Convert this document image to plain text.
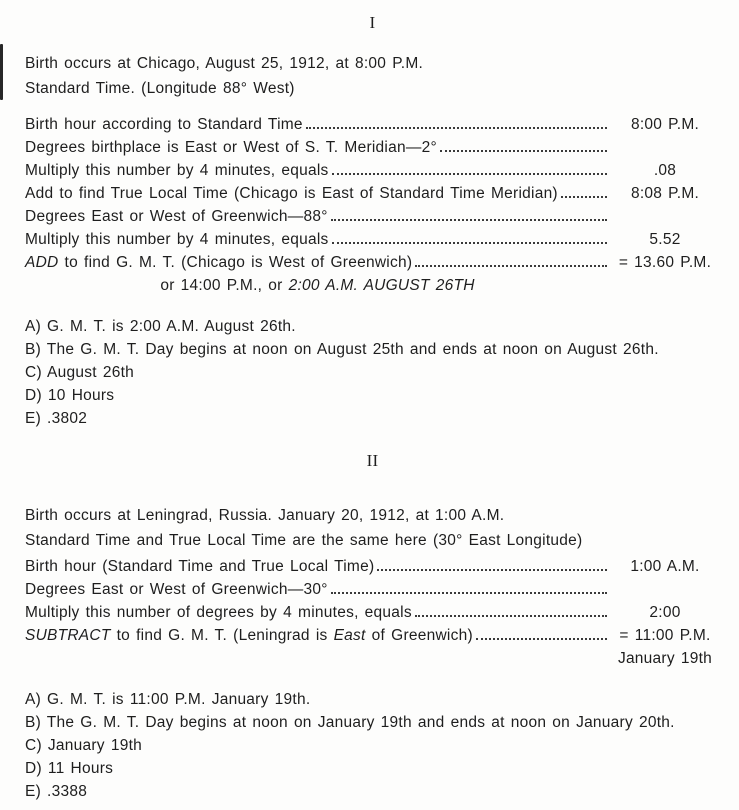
I

Birth occurs at Chicago, August 25, 1912, at 8:00 P.M.

Standard Time. (Longitude 88° West)

Birth hour according to Standard Time	8:00 P.M.
Degrees birthplace is East or West of S. T. Meridian—2°
Multiply this number by 4 minutes, equals	.08
Add to find True Local Time (Chicago is East of Standard Time Meridian)	8:08 P.M.
Degrees East or West of Greenwich—88°
Multiply this number by 4 minutes, equals	5.52
ADD to find G. M. T. (Chicago is West of Greenwich)	= 13.60 P.M.

or 14:00 P.M., or 2:00 A.M. AUGUST 26TH

A) G. M. T. is 2:00 A.M. August 26th.

B) The G. M. T. Day begins at noon on August 25th and ends at noon on August 26th.

C) August 26th

D) 10 Hours

E) .3802

II

Birth occurs at Leningrad, Russia. January 20, 1912, at 1:00 A.M.

Standard Time and True Local Time are the same here (30° East Longitude)

Birth hour (Standard Time and True Local Time)	1:00 A.M.
Degrees East or West of Greenwich—30°
Multiply this number of degrees by 4 minutes, equals	2:00
SUBTRACT to find G. M. T. (Leningrad is East of Greenwich)	= 11:00 P.M.
January 19th

A) G. M. T. is 11:00 P.M. January 19th.

B) The G. M. T. Day begins at noon on January 19th and ends at noon on January 20th.

C) January 19th

D) 11 Hours

E) .3388
